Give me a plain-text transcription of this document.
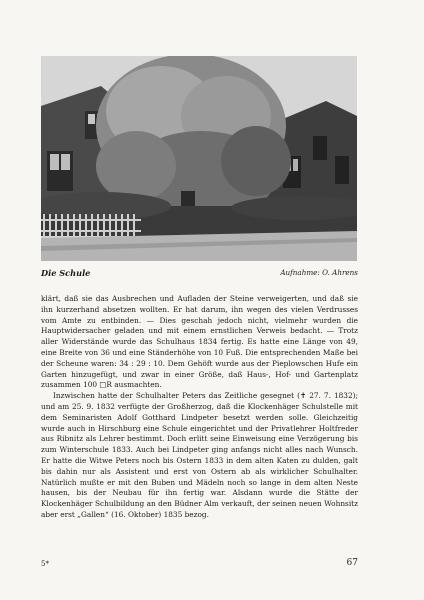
Die Schule	Aufnahme: O. Ahrens

klärt, daß sie das Ausbrechen und Aufladen der Steine verweigerten, und daß sie ihn kurzerhand absetzen wollten. Er hat darum, ihn wegen des vielen Verdrusses vom Amte zu entbinden. — Dies geschah jedoch nicht, vielmehr wurden die Hauptwidersacher geladen und mit einem ernstlichen Verweis bedacht. — Trotz aller Widerstände wurde das Schulhaus 1834 fertig. Es hatte eine Länge von 49, eine Breite von 36 und eine Ständerhöhe von 10 Fuß. Die entsprechenden Maße bei der Scheune waren: 34 : 29 : 10. Dem Gehöft wurde aus der Pieplowschen Hufe ein Garten hinzugefügt, und zwar in einer Größe, daß Haus-, Hof- und Gartenplatz zusammen 100 □R ausmachten.

Inzwischen hatte der Schulhalter Peters das Zeitliche gesegnet (✝ 27. 7. 1832); und am 25. 9. 1832 verfügte der Großherzog, daß die Klockenhäger Schulstelle mit dem Seminaristen Adolf Gotthard Lindpeter besetzt werden solle. Gleichzeitig wurde auch in Hirschburg eine Schule eingerichtet und der Privatlehrer Holtfreder aus Ribnitz als Lehrer bestimmt. Doch erlitt seine Einweisung eine Verzögerung bis zum Winterschule 1833. Auch bei Lindpeter ging anfangs nicht alles nach Wunsch. Er hatte die Witwe Peters noch bis Ostern 1833 in dem alten Katen zu dulden, galt bis dahin nur als Assistent und erst von Ostern ab als wirklicher Schulhalter. Natürlich mußte er mit den Buben und Mädeln noch so lange in dem alten Neste hausen, bis der Neubau für ihn fertig war. Alsdann wurde die Stätte der Klockenhäger Schulbildung an den Büdner Alm verkauft, der seinen neuen Wohnsitz aber erst „Gallen“ (16. Oktober) 1835 bezog.

5*	67
